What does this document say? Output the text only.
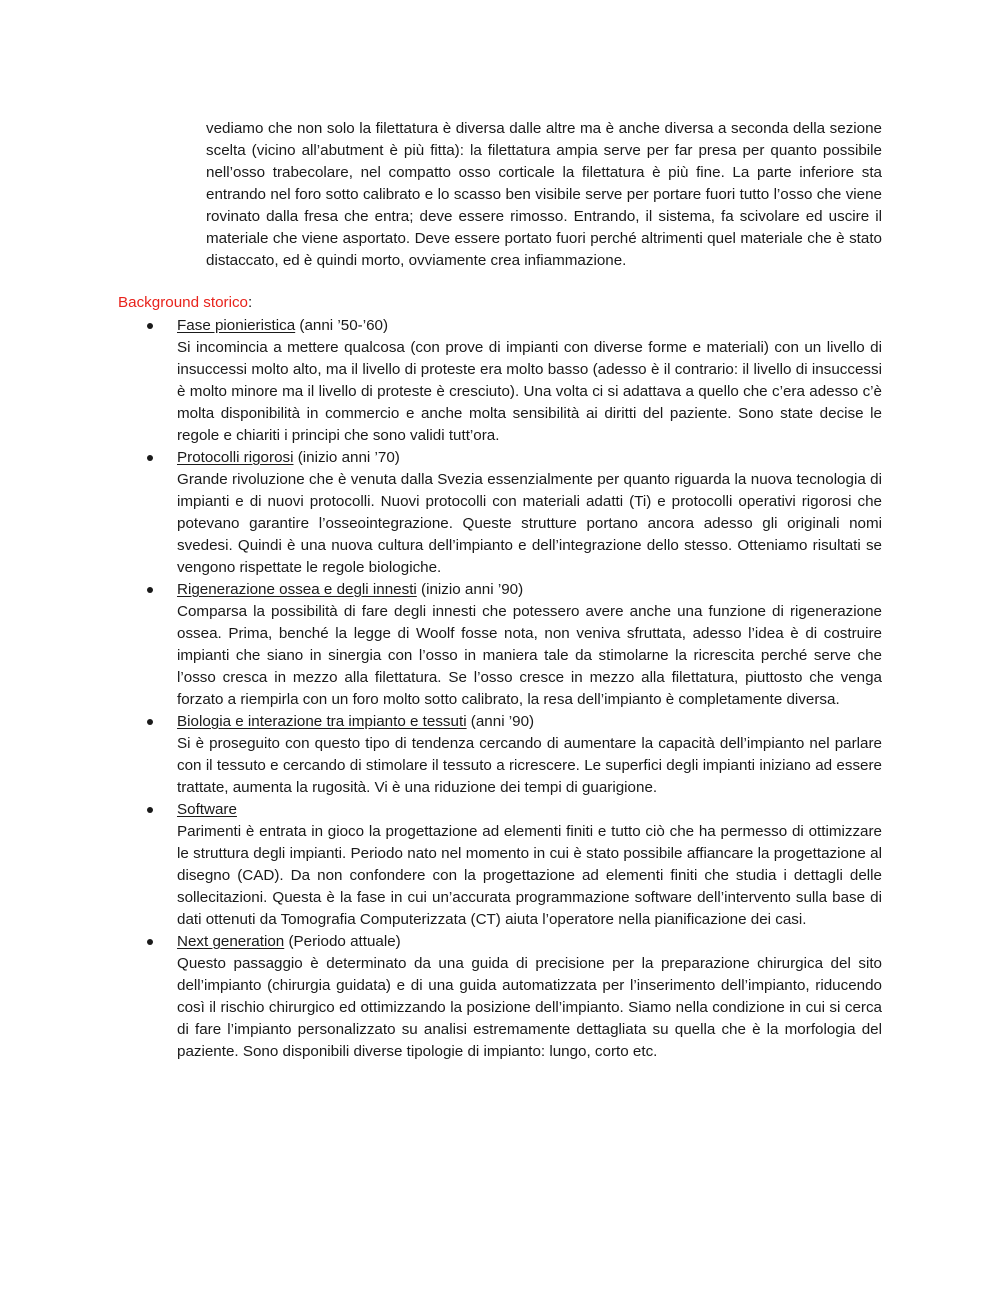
vediamo che non solo la filettatura è diversa dalle altre ma è anche diversa a seconda della sezione scelta (vicino all’abutment è più fitta): la filettatura ampia serve per far presa per quanto possibile nell’osso trabecolare, nel compatto osso corticale la filettatura è più fine. La parte inferiore sta entrando nel foro sotto calibrato e lo scasso ben visibile serve per portare fuori tutto l’osso che viene rovinato dalla fresa che entra; deve essere rimosso. Entrando, il sistema, fa scivolare ed uscire il materiale che viene asportato. Deve essere portato fuori perché altrimenti quel materiale che è stato distaccato, ed è quindi morto, ovviamente crea infiammazione.

Background storico:

Fase pionieristica (anni ’50-’60)

Si incomincia a mettere qualcosa (con prove di impianti con diverse forme e materiali) con un livello di insuccessi molto alto, ma il livello di proteste era molto basso (adesso è il contrario: il livello di insuccessi è molto minore ma il livello di proteste è cresciuto). Una volta ci si adattava a quello che c’era adesso c’è molta disponibilità in commercio e anche molta sensibilità ai diritti del paziente. Sono state decise le regole e chiariti i principi che sono validi tutt’ora.

Protocolli rigorosi (inizio anni ’70)

Grande rivoluzione che è venuta dalla Svezia essenzialmente per quanto riguarda la nuova tecnologia di impianti e di nuovi protocolli. Nuovi protocolli con materiali adatti (Ti) e protocolli operativi rigorosi che potevano garantire l’osseointegrazione. Queste strutture portano ancora adesso gli originali nomi svedesi. Quindi è una nuova cultura dell’impianto e dell’integrazione dello stesso. Otteniamo risultati se vengono rispettate le regole biologiche.

Rigenerazione ossea e degli innesti (inizio anni ’90)

Comparsa la possibilità di fare degli innesti che potessero avere anche una funzione di rigenerazione ossea. Prima, benché la legge di Woolf fosse nota, non veniva sfruttata, adesso l’idea è di costruire impianti che siano in sinergia con l’osso in maniera tale da stimolarne la ricrescita perché serve che l’osso cresca in mezzo alla filettatura. Se l’osso cresce in mezzo alla filettatura, piuttosto che venga forzato a riempirla con un foro molto sotto calibrato, la resa dell’impianto è completamente diversa.

Biologia e interazione tra impianto e tessuti (anni ’90)

Si è proseguito con questo tipo di tendenza cercando di aumentare la capacità dell’impianto nel parlare con il tessuto e cercando di stimolare il tessuto a ricrescere. Le superfici degli impianti iniziano ad essere trattate, aumenta la rugosità. Vi è una riduzione dei tempi di guarigione.

Software

Parimenti è entrata in gioco la progettazione ad elementi finiti e tutto ciò che ha permesso di ottimizzare le struttura degli impianti. Periodo nato nel momento in cui è stato possibile affiancare la progettazione al disegno (CAD). Da non confondere con la progettazione ad elementi finiti che studia i dettagli delle sollecitazioni. Questa è la fase in cui un’accurata programmazione software dell’intervento sulla base di dati ottenuti da Tomografia Computerizzata (CT) aiuta l’operatore nella pianificazione dei casi.

Next generation (Periodo attuale)

Questo passaggio è determinato da una guida di precisione per la preparazione chirurgica del sito dell’impianto (chirurgia guidata) e di una guida automatizzata per l’inserimento dell’impianto, riducendo così il rischio chirurgico ed ottimizzando la posizione dell’impianto. Siamo nella condizione in cui si cerca di fare l’impianto personalizzato su analisi estremamente dettagliata su quella che è la morfologia del paziente. Sono disponibili diverse tipologie di impianto: lungo, corto etc.
